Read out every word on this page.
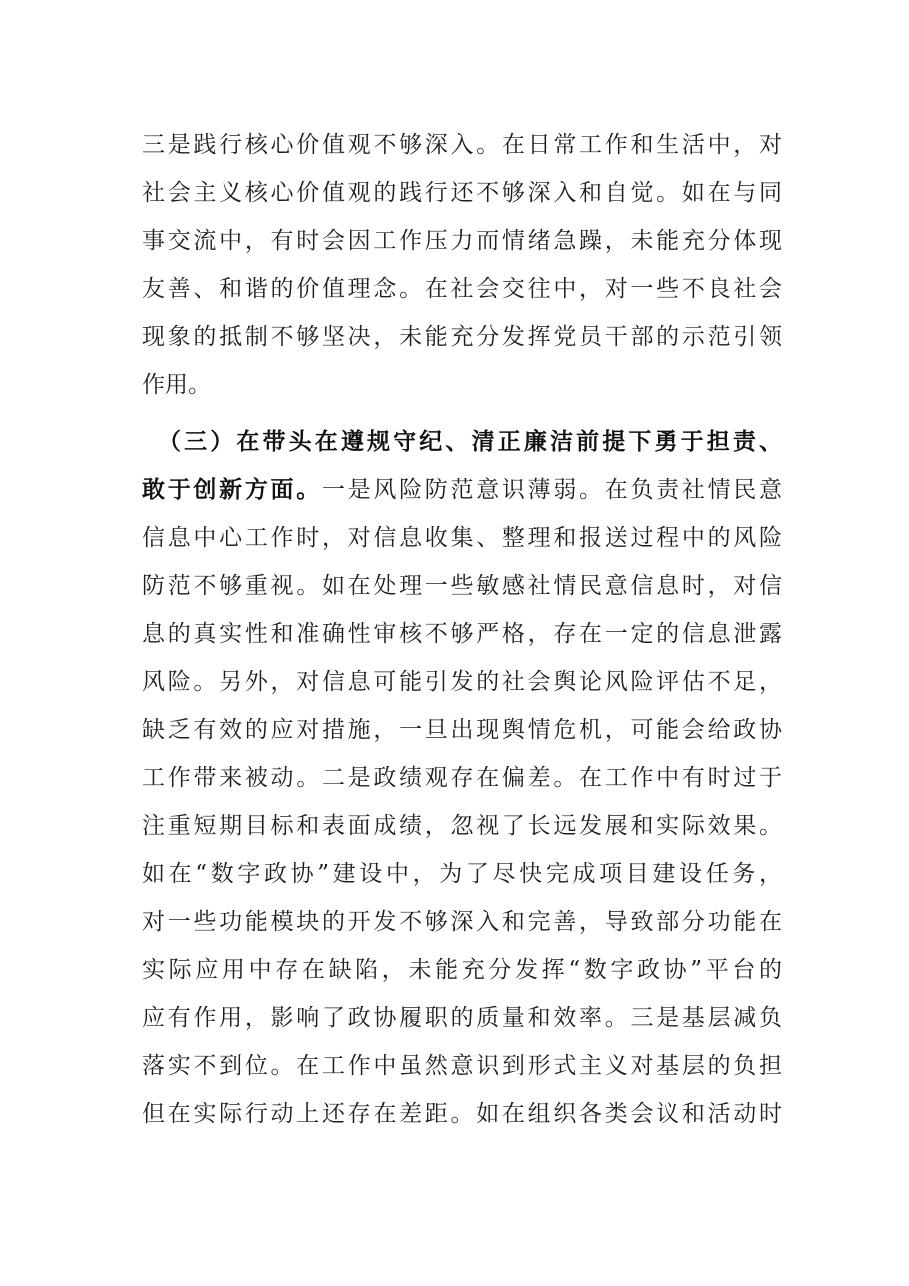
三是践行核心价值观不够深入。在日常工作和生活中，对
社会主义核心价值观的践行还不够深入和自觉。如在与同
事交流中，有时会因工作压力而情绪急躁，未能充分体现
友善、和谐的价值理念。在社会交往中，对一些不良社会
现象的抵制不够坚决，未能充分发挥党员干部的示范引领
作用。
（三）在带头在遵规守纪、清正廉洁前提下勇于担责、
敢于创新方面。一是风险防范意识薄弱。在负责社情民意
信息中心工作时，对信息收集、整理和报送过程中的风险
防范不够重视。如在处理一些敏感社情民意信息时，对信
息的真实性和准确性审核不够严格，存在一定的信息泄露
风险。另外，对信息可能引发的社会舆论风险评估不足，
缺乏有效的应对措施，一旦出现舆情危机，可能会给政协
工作带来被动。二是政绩观存在偏差。在工作中有时过于
注重短期目标和表面成绩，忽视了长远发展和实际效果。
如在“数字政协”建设中，为了尽快完成项目建设任务，
对一些功能模块的开发不够深入和完善，导致部分功能在
实际应用中存在缺陷，未能充分发挥“数字政协”平台的
应有作用，影响了政协履职的质量和效率。三是基层减负
落实不到位。在工作中虽然意识到形式主义对基层的负担
但在实际行动上还存在差距。如在组织各类会议和活动时
